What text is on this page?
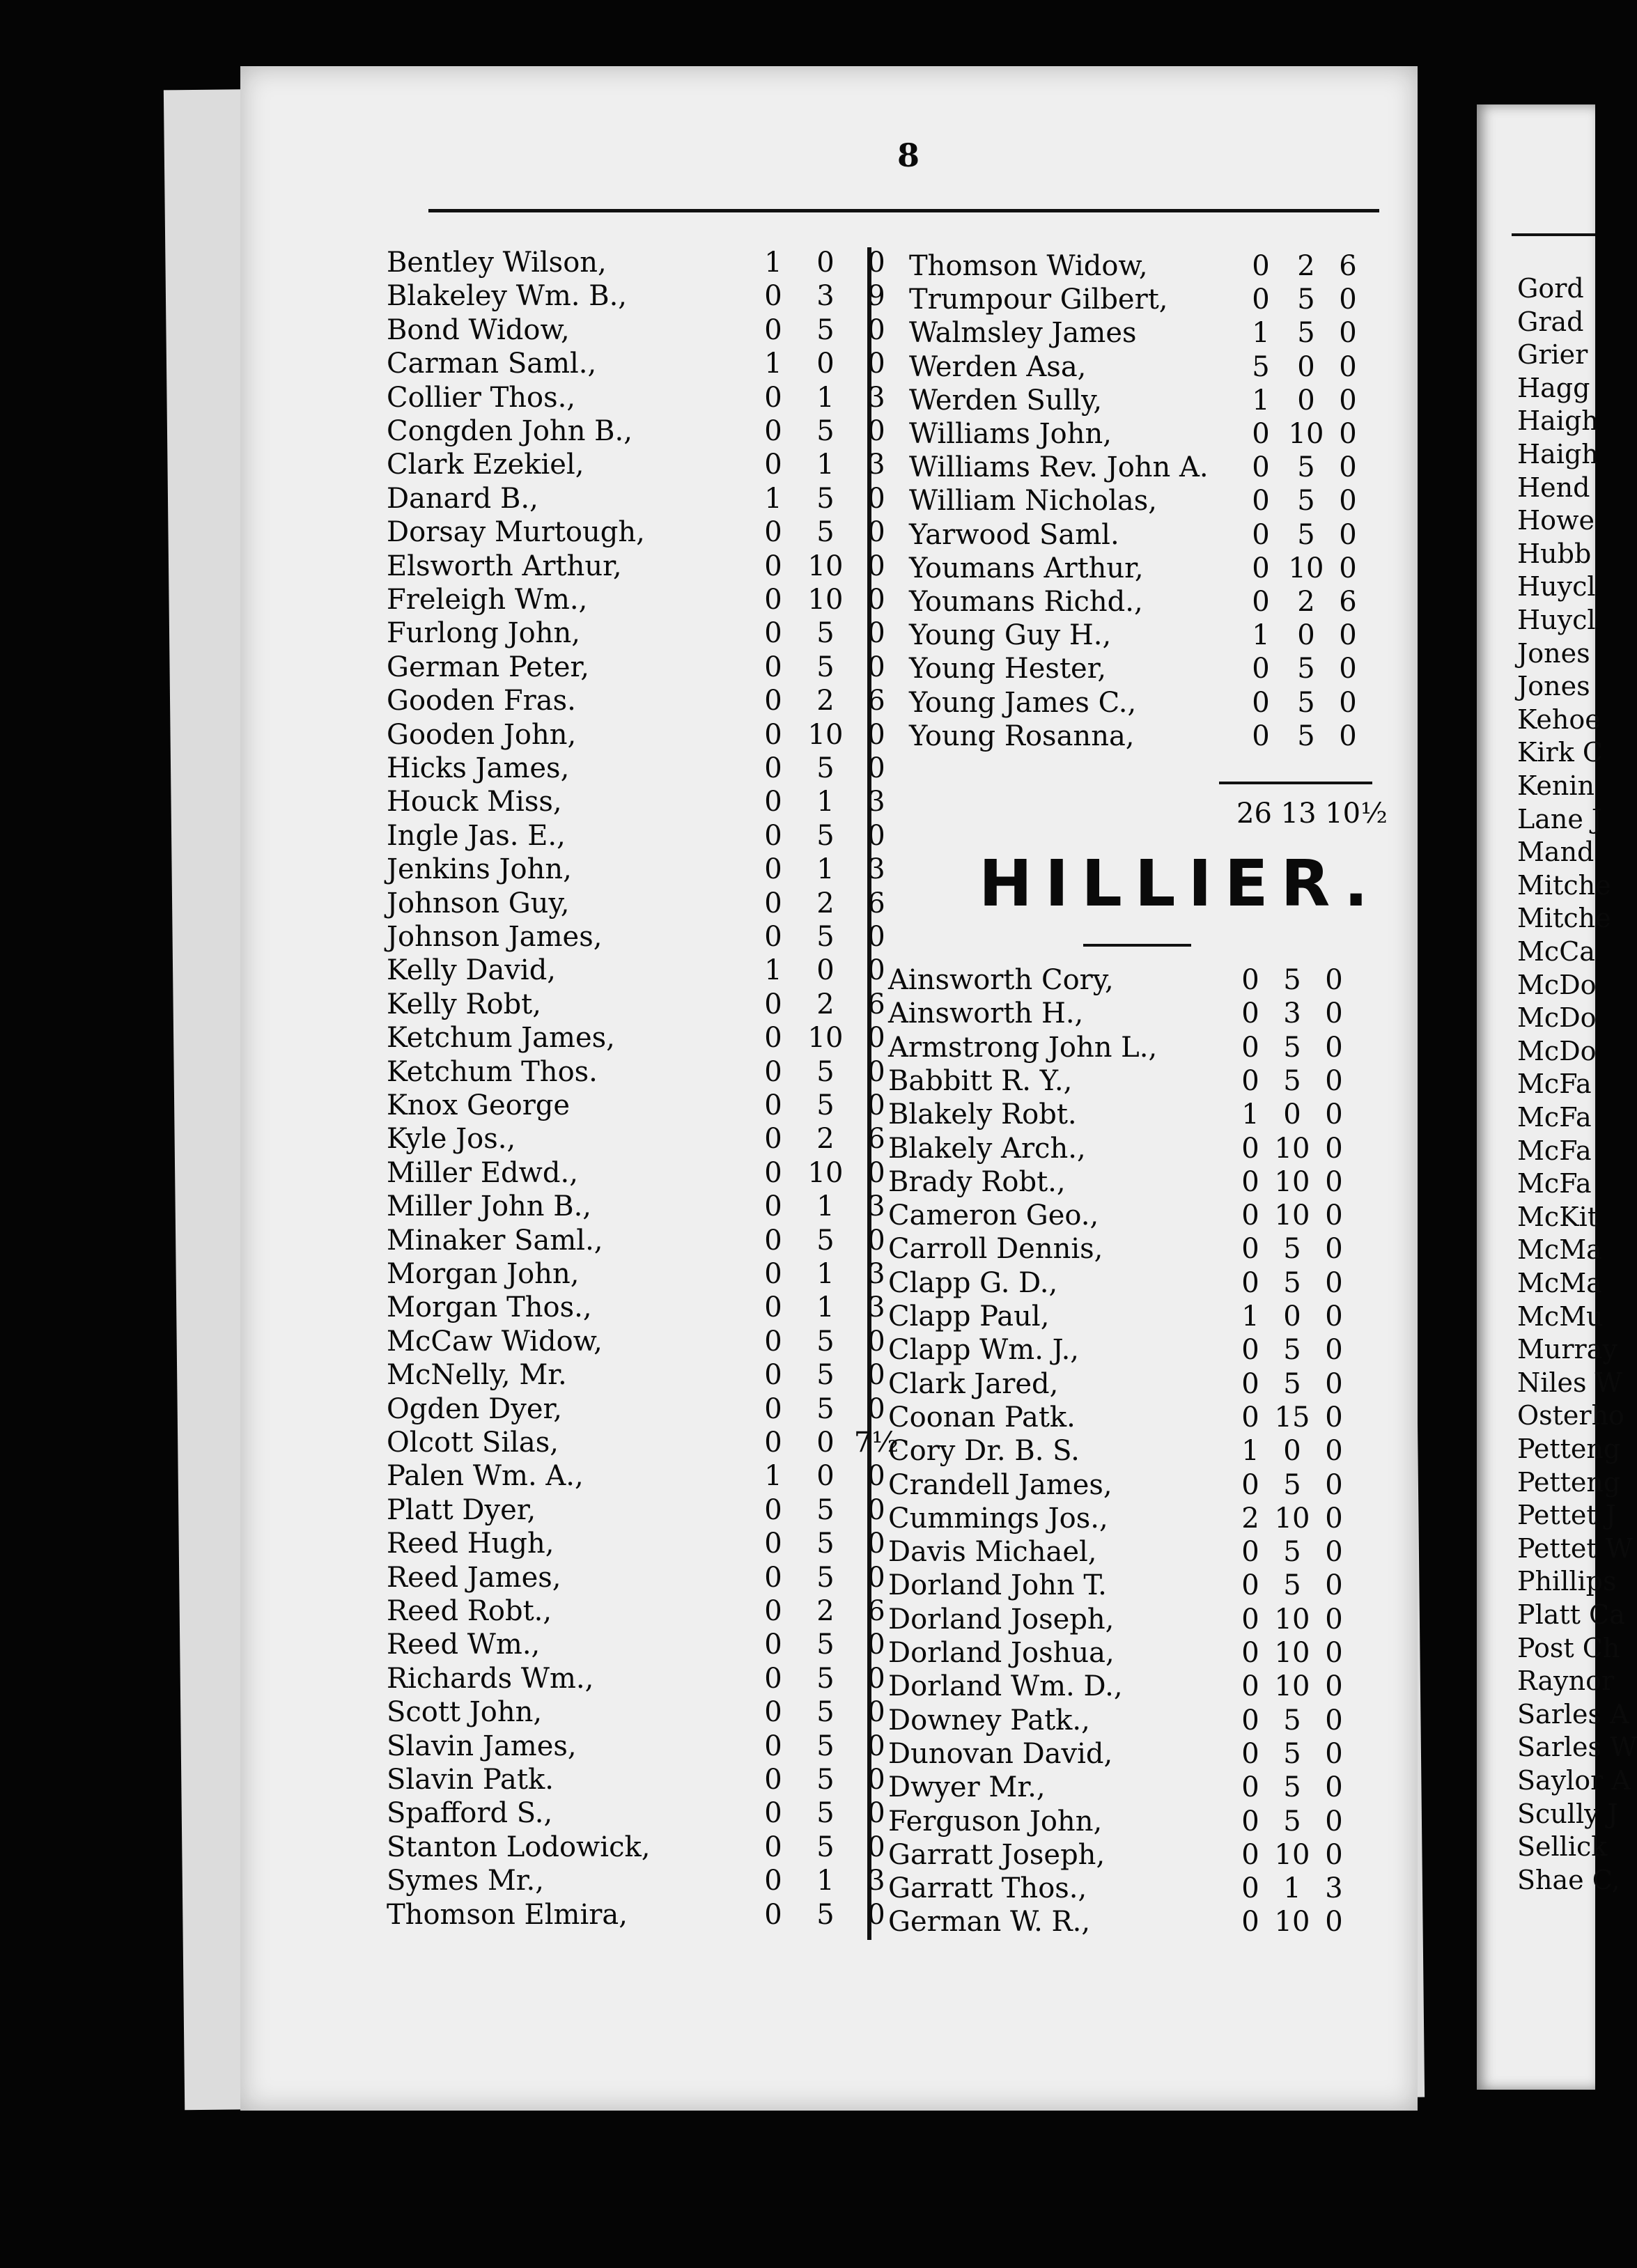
8
Bentley Wilson,	1	0	0
Blakeley Wm. B.,	0	3	9
Bond Widow,	0	5	0
Carman Saml.,	1	0	0
Collier Thos.,	0	1	3
Congden John B.,	0	5	0
Clark Ezekiel,	0	1	3
Danard B.,	1	5	0
Dorsay Murtough,	0	5	0
Elsworth Arthur,	0 10 0
Freleigh Wm.,	0 10 0
Furlong John,	0	5	0
German Peter,	0	5	0
Gooden Fras.	0	2	6
Gooden John,	0 10 0
Hicks James,	0	5	0
Houck Miss,	0	1	3
Ingle Jas. E.,	0	5	0
Jenkins John,	0	1	3
Johnson Guy,	0	2	6
Johnson James,	0	5	0
Kelly David,	1	0	0
Kelly Robt,	0	2	6
Ketchum James,	0 10 0
Ketchum Thos.	0	5	0
Knox George	0	5	0
Kyle Jos.,	0	2	6
Miller Edwd.,	0 10 0
Miller John B.,	0	1	3
Minaker Saml.,	0	5	0
Morgan John,	0	1	3
Morgan Thos.,	0	1	3
McCaw Widow,	0	5	0
McNelly, Mr.	0	5	0
Ogden Dyer,	0	5	0
Olcott Silas,	0	0 7½
Palen Wm. A.,	1	0	0
Platt Dyer,	0	5	0
Reed Hugh,	0	5	0
Reed James,	0	5	0
Reed Robt.,	0	2	6
Reed Wm.,	0	5	0
Richards Wm.,	0	5	0
Scott John,	0	5	0
Slavin James,	0	5	0
Slavin Patk.	0	5	0
Spafford S.,	0	5	0
Stanton Lodowick,	0	5	0
Symes Mr.,	0	1	3
Thomson Elmira,	0	5	0
Thomson Widow,	0 2 6
Trumpour Gilbert,	0 5 0
Walmsley James	1 5 0
Werden Asa,	5 0 0
Werden Sully,	1 0 0
Williams John,	0 10 0
Williams Rev. John A.	0 5 0
William Nicholas,	0 5 0
Yarwood Saml.	0 5 0
Youmans Arthur,	0 10 0
Youmans Richd.,	0 2 6
Young Guy H.,	1 0 0
Young Hester,	0 5 0
Young James C.,	0 5 0
Young Rosanna,	0 5 0
26 13 10½
HILLIER.
Ainsworth Cory,	0 5 0
Ainsworth H.,	0 3 0
Armstrong John L.,	0 5 0
Babbitt R. Y.,	0 5 0
Blakely Robt.	1 0 0
Blakely Arch.,	0 10 0
Brady Robt.,	0 10 0
Cameron Geo.,	0 10 0
Carroll Dennis,	0 5 0
Clapp G. D.,	0 5 0
Clapp Paul,	1 0 0
Clapp Wm. J.,	0 5 0
Clark Jared,	0 5 0
Coonan Patk.	0 15 0
Cory Dr. B. S.	1 0 0
Crandell James,	0 5 0
Cummings Jos.,	2 10 0
Davis Michael,	0 5 0
Dorland John T.	0 5 0
Dorland Joseph,	0 10 0
Dorland Joshua,	0 10 0
Dorland Wm. D.,	0 10 0
Downey Patk.,	0 5 0
Dunovan David,	0 5 0
Dwyer Mr.,	0 5 0
Ferguson John,	0 5 0
Garratt Joseph,	0 10 0
Garratt Thos.,	0 1 3
German W. R.,	0 10 0
Gord
Grad
Grier
Hagg
Haigh
Haigh
Hend
Howe
Hubb
Huycl
Huycl
Jones
Jones
Kehoe
Kirk C
Kenin
Lane J
Mand
Mitche
Mitche
McCa
McDo
McDo
McDo
McFa
McFa
McFa
McFa
McKit
McMa
McMa
McMu
Murray
Niles W
Osterho
Petteng
Petteng
Pettet J
Pettet W
Phillips
Platt Ca
Post Ch
Raynor
Sarles A
Sarles W
Saylor A
Scully J
Sellick
Shae C,
